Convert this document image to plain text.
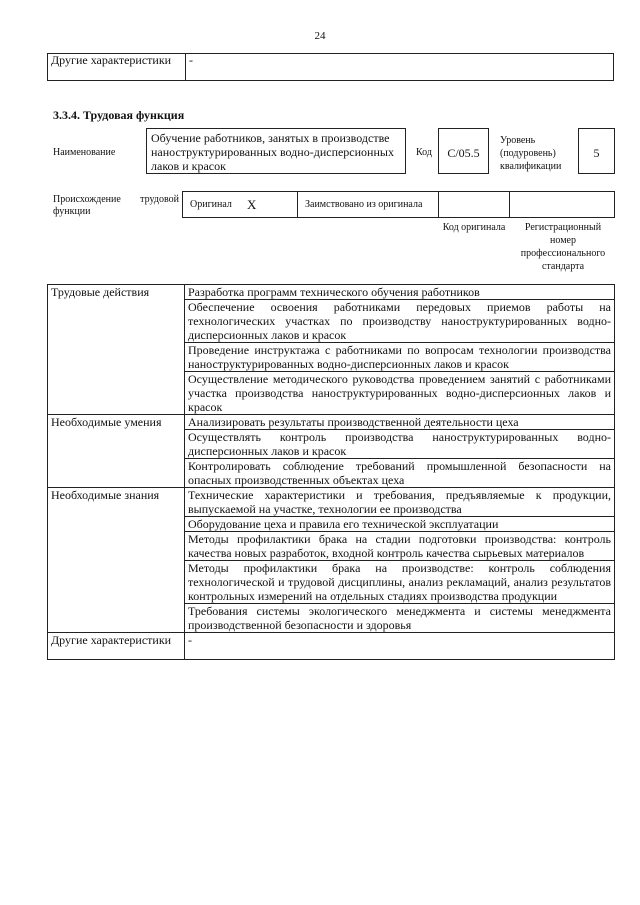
24
Другие характеристики	-
3.3.4. Трудовая функция
Наименование
Обучение работников, занятых в производстве наноструктурированных водно-дисперсионных лаков и красок
Код	C/05.5
Уровень (подуровень) квалификации
5
Происхождение трудовой функции
Оригинал X	Заимствовано из оригинала
Код оригинала	Регистрационный номер профессионального стандарта
Трудовые действия	Разработка программ технического обучения работников
	Обеспечение освоения работниками передовых приемов работы на технологических участках по производству наноструктурированных водно-дисперсионных лаков и красок
	Проведение инструктажа с работниками по вопросам технологии производства наноструктурированных водно-дисперсионных лаков и красок
	Осуществление методического руководства проведением занятий с работниками участка производства наноструктурированных водно-дисперсионных лаков и красок
Необходимые умения	Анализировать результаты производственной деятельности цеха
	Осуществлять контроль производства наноструктурированных водно-дисперсионных лаков и красок
	Контролировать соблюдение требований промышленной безопасности на опасных производственных объектах цеха
Необходимые знания	Технические характеристики и требования, предъявляемые к продукции, выпускаемой на участке, технологии ее производства
	Оборудование цеха и правила его технической эксплуатации
	Методы профилактики брака на стадии подготовки производства: контроль качества новых разработок, входной контроль качества сырьевых материалов
	Методы профилактики брака на производстве: контроль соблюдения технологической и трудовой дисциплины, анализ рекламаций, анализ результатов контрольных измерений на отдельных стадиях производства продукции
	Требования системы экологического менеджмента и системы менеджмента производственной безопасности и здоровья
Другие характеристики	-
